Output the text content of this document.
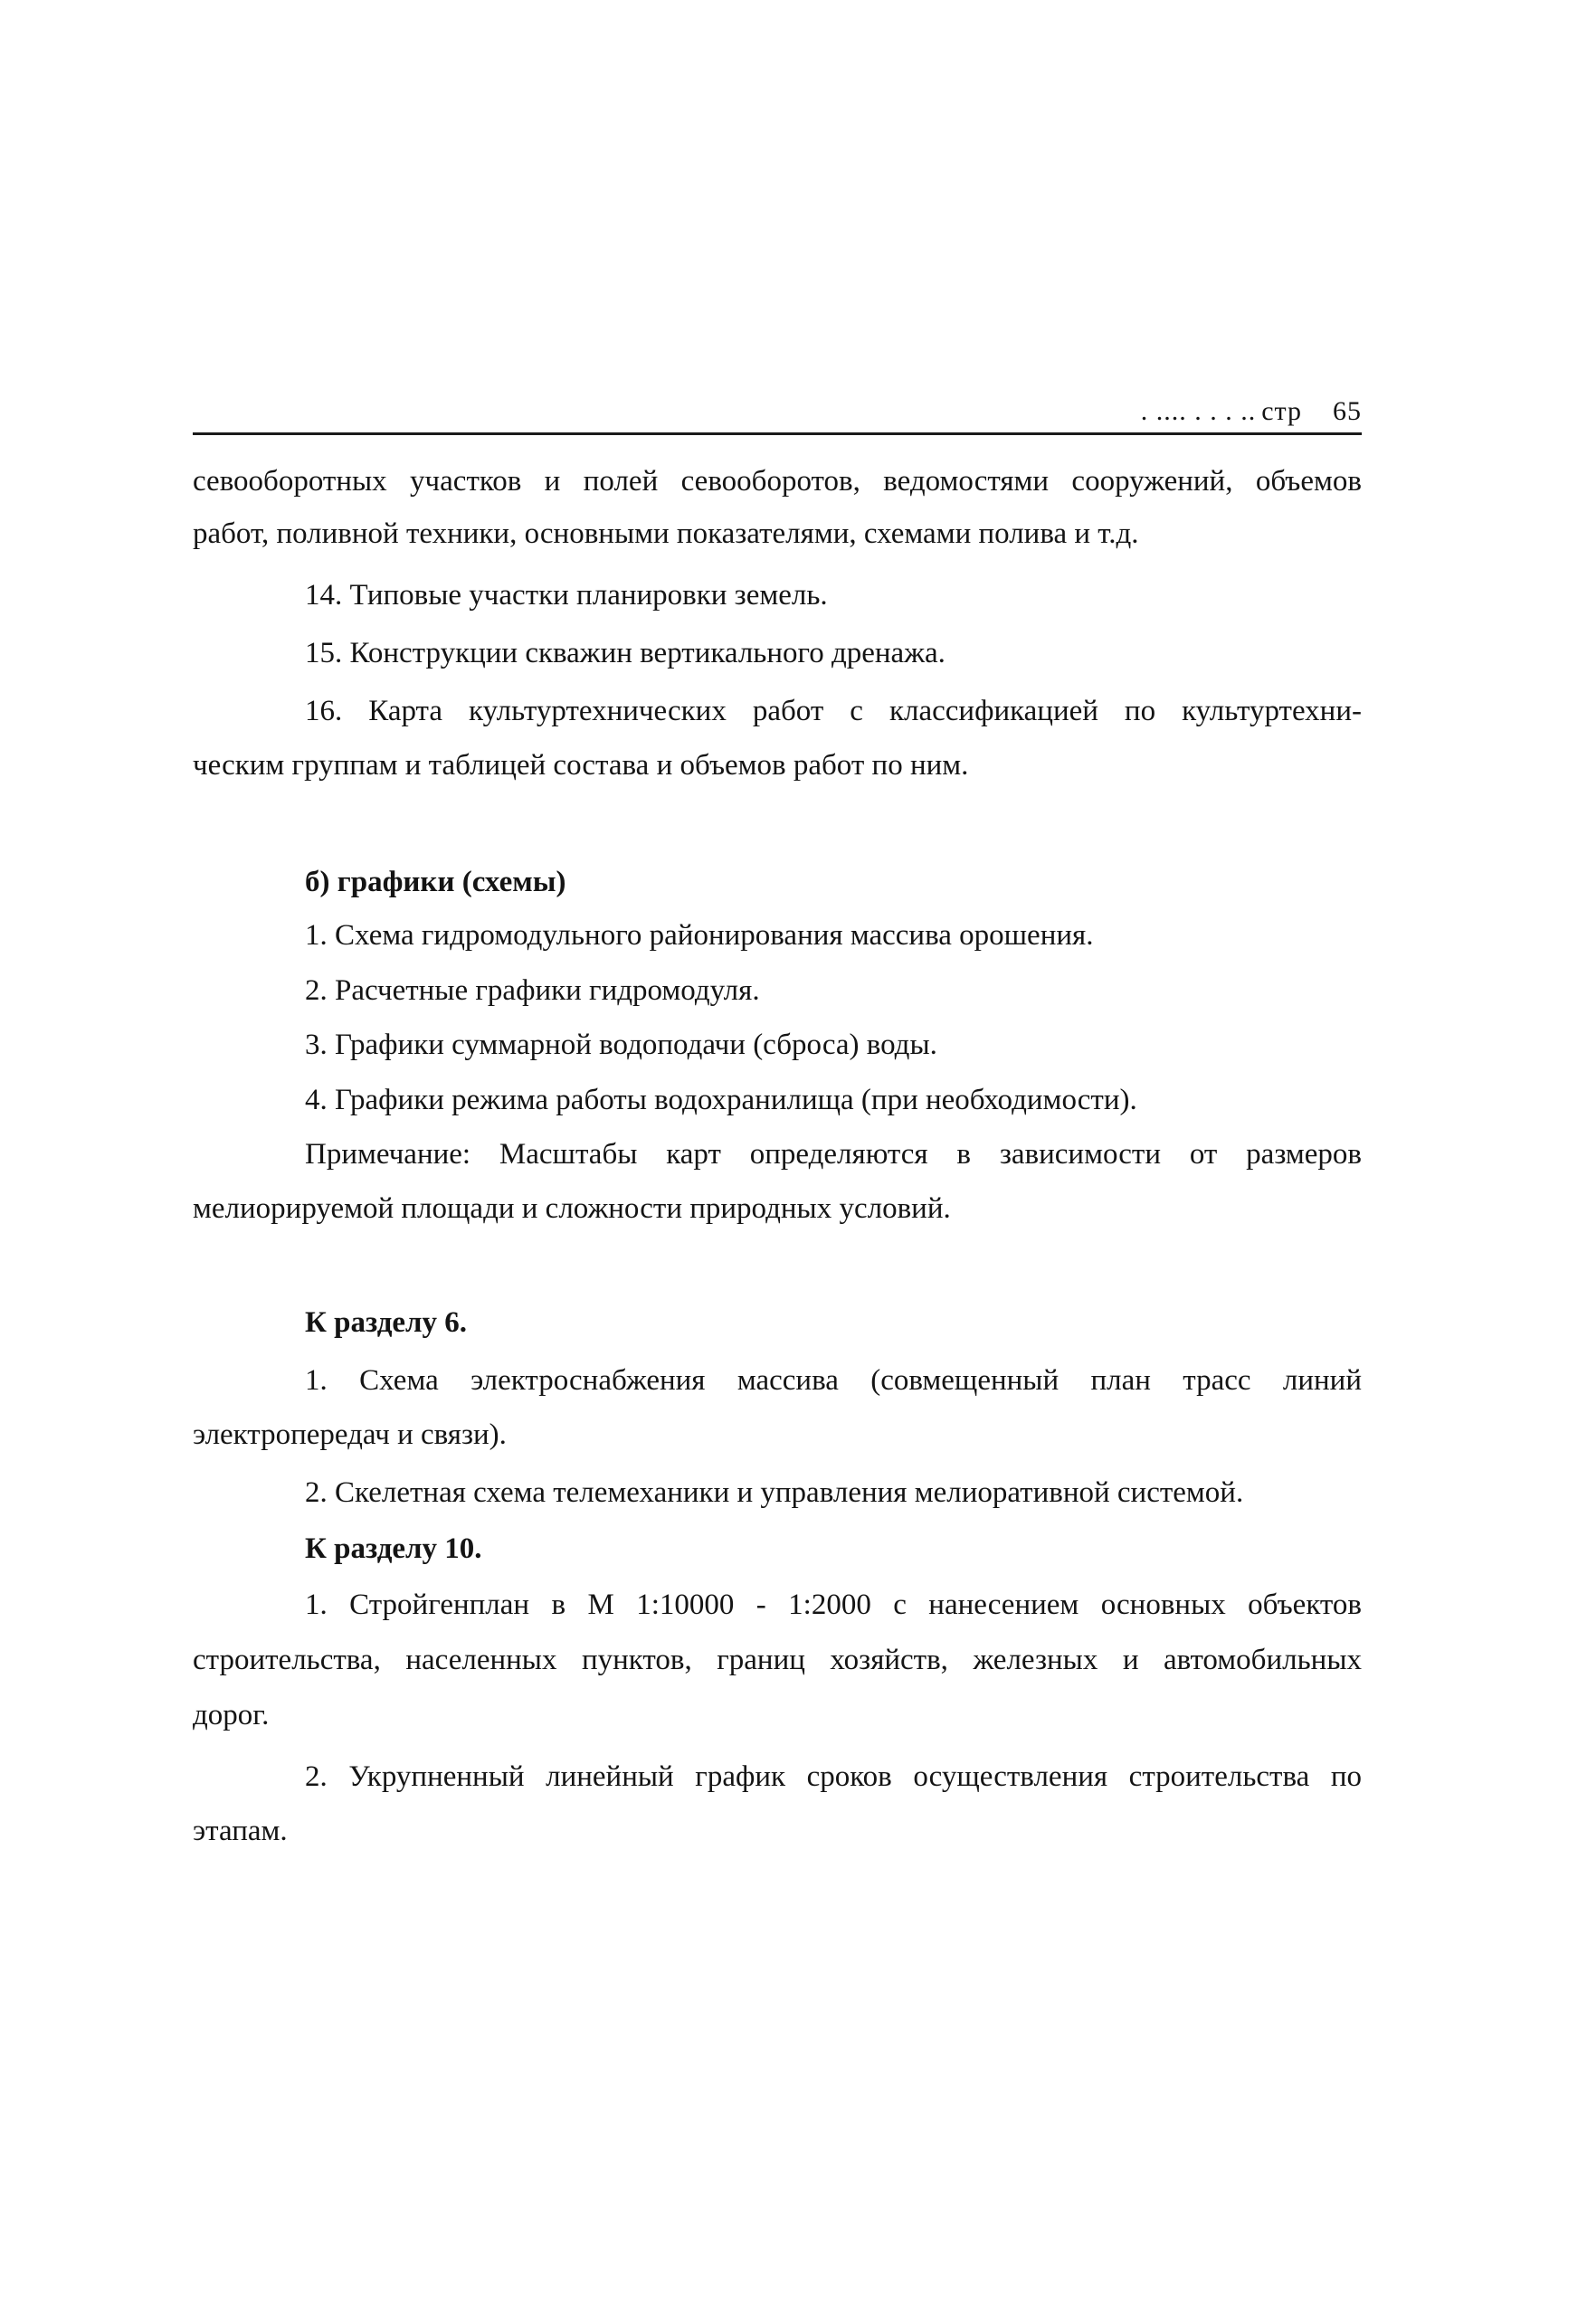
. .... . . . .. стр 65

севооборотных участков и полей севооборотов, ведомостями сооружений, объемов

работ, поливной техники, основными показателями, схемами полива и т.д.

14. Типовые участки планировки земель.

15. Конструкции скважин вертикального дренажа.

16. Карта культуртехнических работ с классификацией по культуртехни-

ческим группам и таблицей состава и объемов работ по ним.

б) графики (схемы)

1. Схема гидромодульного районирования массива орошения.

2. Расчетные графики гидромодуля.

3. Графики суммарной водоподачи (сброса) воды.

4. Графики режима работы водохранилища (при необходимости).

Примечание: Масштабы карт определяются в зависимости от размеров

мелиорируемой площади и сложности природных условий.

К разделу 6.

1. Схема электроснабжения массива (совмещенный план трасс линий

электропередач и связи).

2. Скелетная схема телемеханики и управления мелиоративной системой.

К разделу 10.

1. Стройгенплан в М 1:10000 - 1:2000 с нанесением основных объектов

строительства, населенных пунктов, границ хозяйств, железных и автомобильных

дорог.

2. Укрупненный линейный график сроков осуществления строительства по

этапам.
